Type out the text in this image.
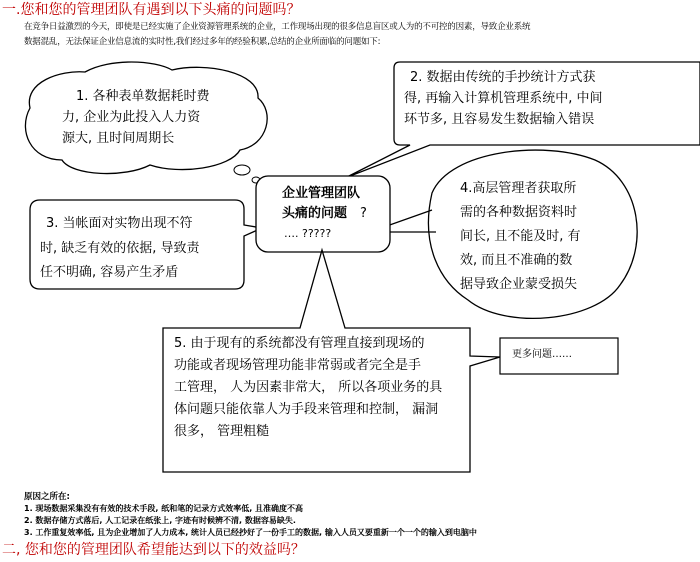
一.您和您的管理团队有遇到以下头痛的问题吗？
在竞争日益激烈的今天，即使是已经实施了企业资源管理系统的企业，工作现场出现的很多信息盲区或人为的不可控的因素，导致企业系统
数据混乱，无法保证企业信息流的实时性,我们经过多年的经验积累,总结的企业所面临的问题如下:
1. 各种表单数据耗时费
力, 企业为此投入人力资
源大, 且时间周期长
2. 数据由传统的手抄统计方式获
得, 再输入计算机管理系统中, 中间
环节多, 且容易发生数据输入错误
3. 当帐面对实物出现不符
时, 缺乏有效的依据, 导致责
任不明确, 容易产生矛盾
4.高层管理者获取所
需的各种数据资料时
间长, 且不能及时, 有
效, 而且不准确的数
据导致企业蒙受损失
企业管理团队
头痛的问题 ?
…. ?????
5. 由于现有的系统都没有管理直接到现场的
功能或者现场管理功能非常弱或者完全是手
工管理， 人为因素非常大， 所以各项业务的具
体问题只能依靠人为手段来管理和控制， 漏洞
很多， 管理粗糙
更多问题……
原因之所在:
1. 现场数据采集没有有效的技术手段, 纸和笔的记录方式效率低, 且准确度不高
2. 数据存储方式落后, 人工记录在纸张上, 字迹有时候辨不清, 数据容易缺失.
3. 工作重复效率低, 且为企业增加了人力成本, 统计人员已经抄好了一份手工的数据, 输入人员又要重新一个一个的输入到电脑中
二, 您和您的管理团队希望能达到以下的效益吗？
